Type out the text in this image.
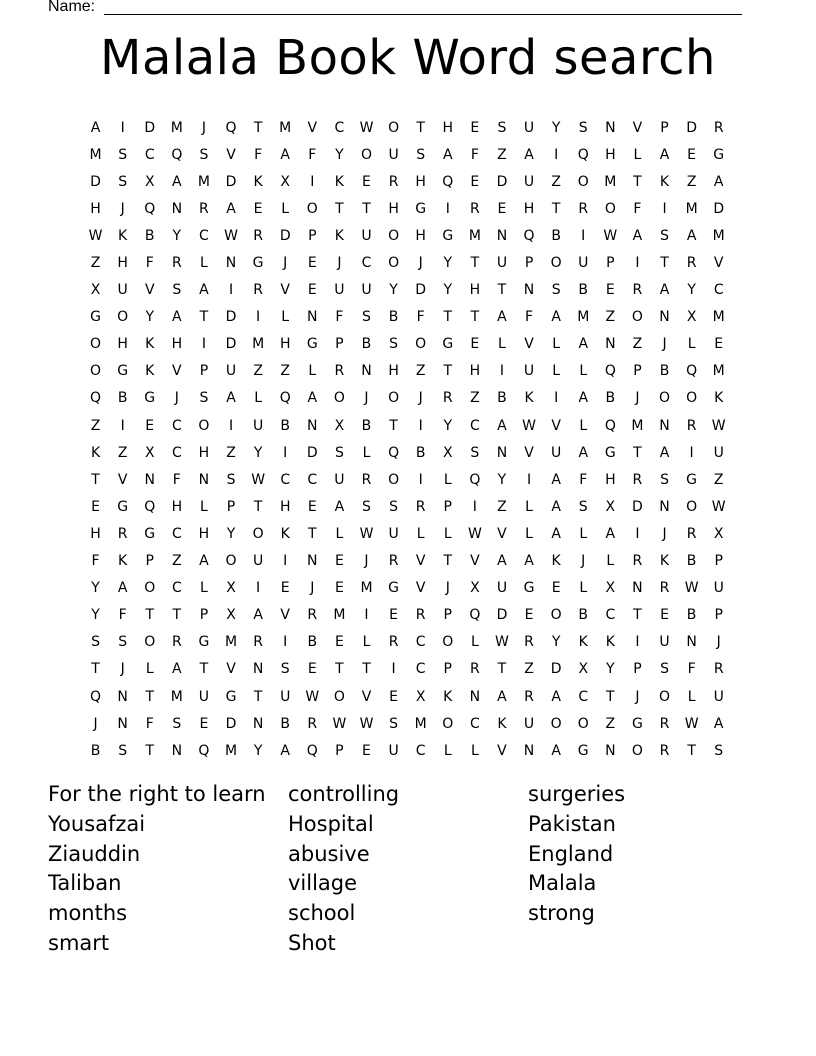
Name:
Malala Book Word search
A	I	D	M	J	Q	T	M	V	C	W	O	T	H	E	S	U	Y	S	N	V	P	D	R
M	S	C	Q	S	V	F	A	F	Y	O	U	S	A	F	Z	A	I	Q	H	L	A	E	G
D	S	X	A	M	D	K	X	I	K	E	R	H	Q	E	D	U	Z	O	M	T	K	Z	A
H	J	Q	N	R	A	E	L	O	T	T	H	G	I	R	E	H	T	R	O	F	I	M	D
W	K	B	Y	C	W	R	D	P	K	U	O	H	G	M	N	Q	B	I	W	A	S	A	M
Z	H	F	R	L	N	G	J	E	J	C	O	J	Y	T	U	P	O	U	P	I	T	R	V
X	U	V	S	A	I	R	V	E	U	U	Y	D	Y	H	T	N	S	B	E	R	A	Y	C
G	O	Y	A	T	D	I	L	N	F	S	B	F	T	T	A	F	A	M	Z	O	N	X	M
O	H	K	H	I	D	M	H	G	P	B	S	O	G	E	L	V	L	A	N	Z	J	L	E
O	G	K	V	P	U	Z	Z	L	R	N	H	Z	T	H	I	U	L	L	Q	P	B	Q	M
Q	B	G	J	S	A	L	Q	A	O	J	O	J	R	Z	B	K	I	A	B	J	O	O	K
Z	I	E	C	O	I	U	B	N	X	B	T	I	Y	C	A	W	V	L	Q	M	N	R	W
K	Z	X	C	H	Z	Y	I	D	S	L	Q	B	X	S	N	V	U	A	G	T	A	I	U
T	V	N	F	N	S	W	C	C	U	R	O	I	L	Q	Y	I	A	F	H	R	S	G	Z
E	G	Q	H	L	P	T	H	E	A	S	S	R	P	I	Z	L	A	S	X	D	N	O	W
H	R	G	C	H	Y	O	K	T	L	W	U	L	L	W	V	L	A	L	A	I	J	R	X
F	K	P	Z	A	O	U	I	N	E	J	R	V	T	V	A	A	K	J	L	R	K	B	P
Y	A	O	C	L	X	I	E	J	E	M	G	V	J	X	U	G	E	L	X	N	R	W	U
Y	F	T	T	P	X	A	V	R	M	I	E	R	P	Q	D	E	O	B	C	T	E	B	P
S	S	O	R	G	M	R	I	B	E	L	R	C	O	L	W	R	Y	K	K	I	U	N	J
T	J	L	A	T	V	N	S	E	T	T	I	C	P	R	T	Z	D	X	Y	P	S	F	R
Q	N	T	M	U	G	T	U	W	O	V	E	X	K	N	A	R	A	C	T	J	O	L	U
J	N	F	S	E	D	N	B	R	W W	S	M	O	C	K	U	O	O	Z	G	R	W	A
B	S	T	N	Q	M	Y	A	Q	P	E	U	C	L	L	V	N	A	G	N	O	R	T	S
For the right to learn
Yousafzai
Ziauddin
Taliban
months
smart
controlling
Hospital
abusive
village
school
Shot
surgeries
Pakistan
England
Malala
strong
